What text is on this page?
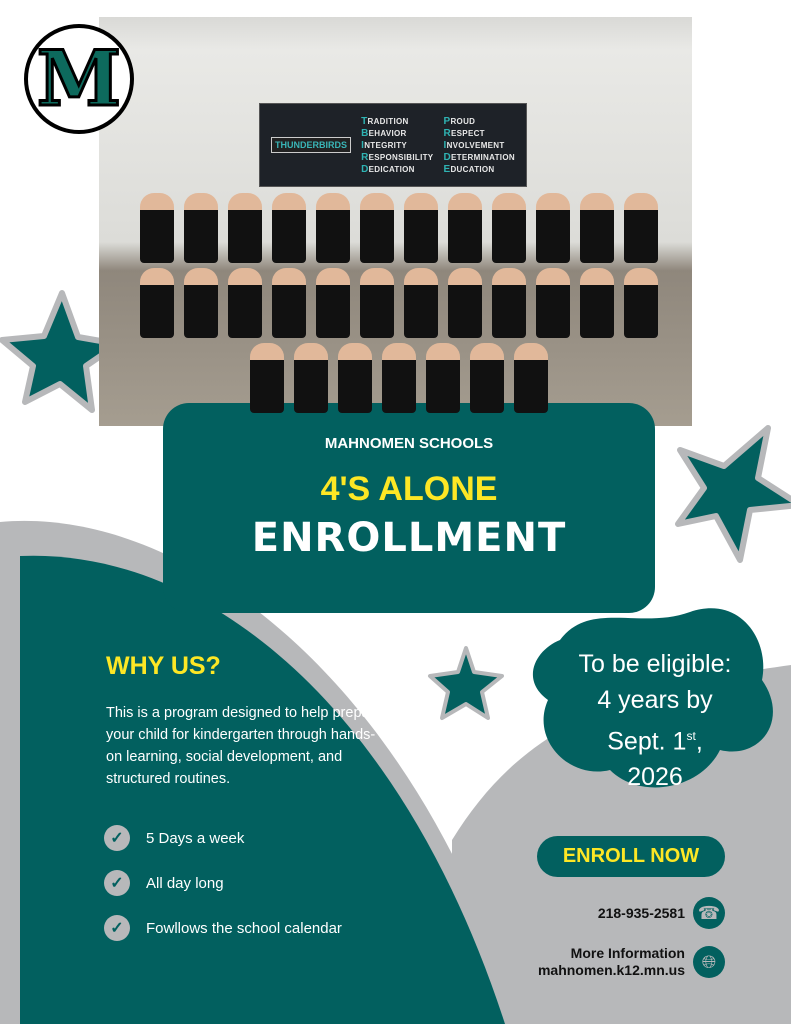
THUNDERBIRDS
TRADITION
BEHAVIOR
INTEGRITY
RESPONSIBILITY
DEDICATION
PROUD
RESPECT
INVOLVEMENT
DETERMINATION
EDUCATION
M
MAHNOMEN SCHOOLS
4'S ALONE
ENROLLMENT
WHY US?
This is a program designed to help prepare your child for kindergarten through hands-on learning, social development, and structured routines.
✓	5 Days a week
✓	All day long
✓	Fowllows the school calendar
To be eligible:
4 years by
Sept. 1st,
2026
ENROLL NOW
218-935-2581 ☎
More Information
mahnomen.k12.mn.us 🌐︎
